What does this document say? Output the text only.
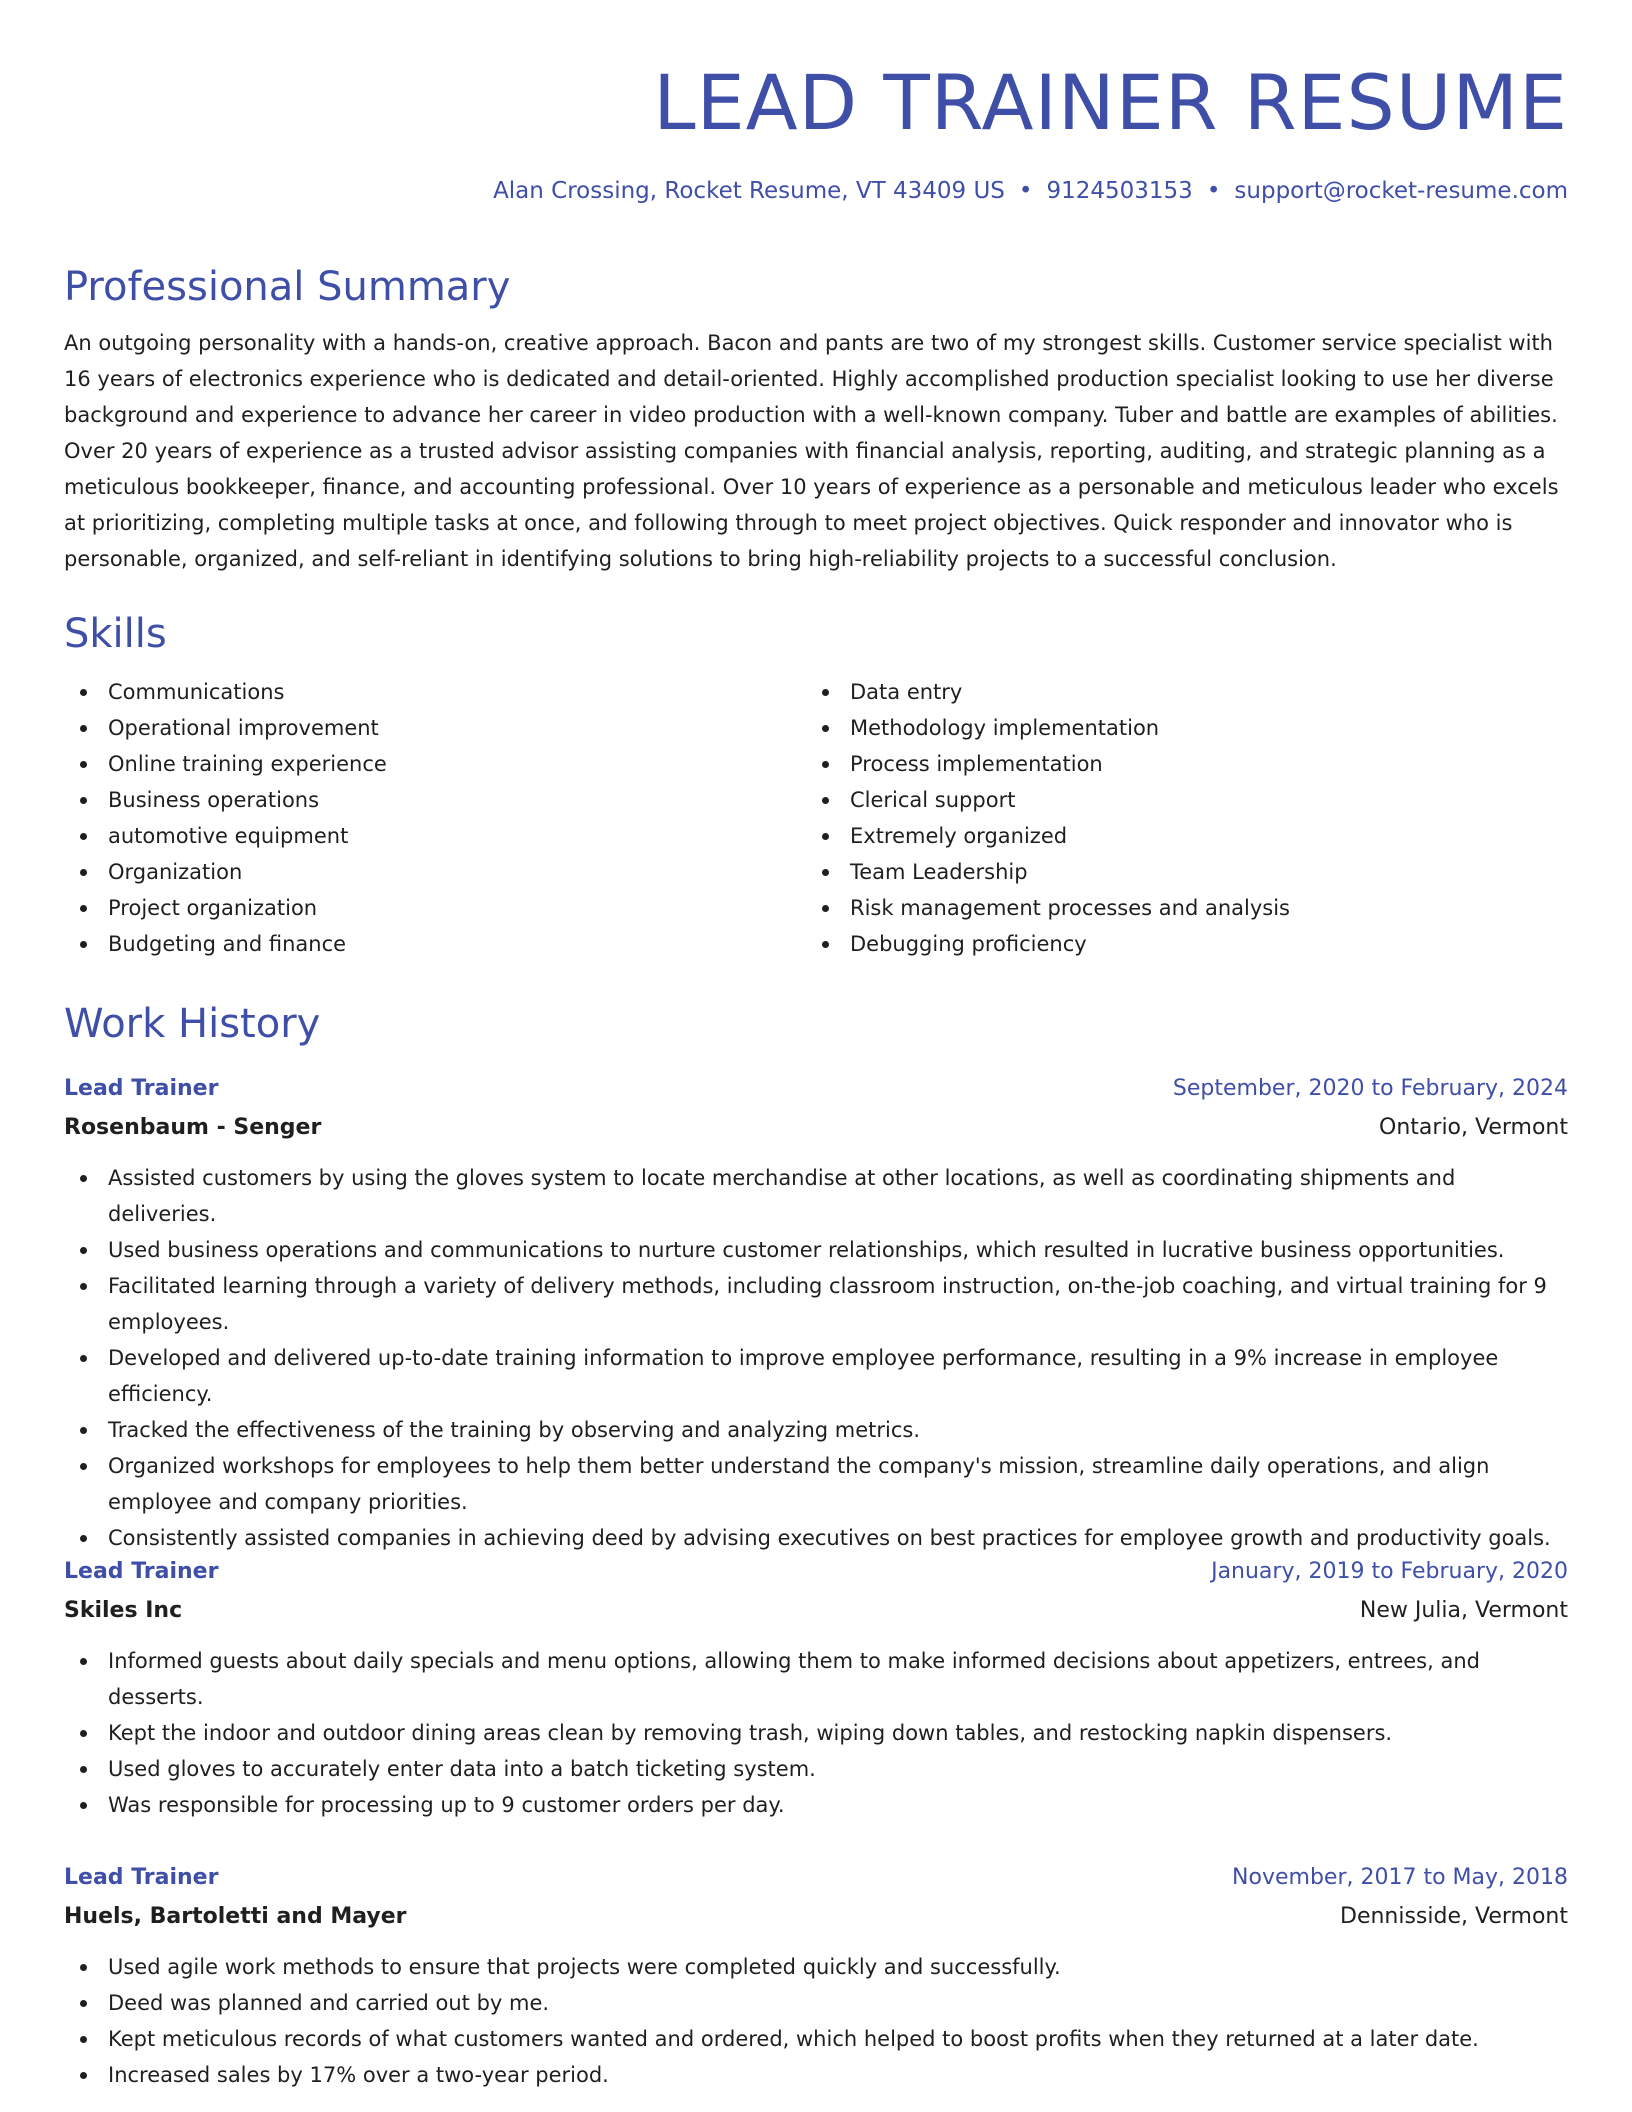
LEAD TRAINER RESUME
Alan Crossing, Rocket Resume, VT 43409 US • 9124503153 • support@rocket-resume.com
Professional Summary

An outgoing personality with a hands-on, creative approach. Bacon and pants are two of my strongest skills. Customer service specialist with 16 years of electronics experience who is dedicated and detail-oriented. Highly accomplished production specialist looking to use her diverse background and experience to advance her career in video production with a well-known company. Tuber and battle are examples of abilities. Over 20 years of experience as a trusted advisor assisting companies with financial analysis, reporting, auditing, and strategic planning as a meticulous bookkeeper, finance, and accounting professional. Over 10 years of experience as a personable and meticulous leader who excels at prioritizing, completing multiple tasks at once, and following through to meet project objectives. Quick responder and innovator who is personable, organized, and self-reliant in identifying solutions to bring high-reliability projects to a successful conclusion.

Skills
Communications
Operational improvement
Online training experience
Business operations
automotive equipment
Organization
Project organization
Budgeting and finance
Data entry
Methodology implementation
Process implementation
Clerical support
Extremely organized
Team Leadership
Risk management processes and analysis
Debugging proficiency
Work History
Lead Trainer	September, 2020 to February, 2024
Rosenbaum - Senger	Ontario, Vermont
Assisted customers by using the gloves system to locate merchandise at other locations, as well as coordinating shipments and deliveries.
Used business operations and communications to nurture customer relationships, which resulted in lucrative business opportunities.
Facilitated learning through a variety of delivery methods, including classroom instruction, on-the-job coaching, and virtual training for 9 employees.
Developed and delivered up-to-date training information to improve employee performance, resulting in a 9% increase in employee efficiency.
Tracked the effectiveness of the training by observing and analyzing metrics.
Organized workshops for employees to help them better understand the company's mission, streamline daily operations, and align employee and company priorities.
Consistently assisted companies in achieving deed by advising executives on best practices for employee growth and productivity goals.
Lead Trainer	January, 2019 to February, 2020
Skiles Inc	New Julia, Vermont
Informed guests about daily specials and menu options, allowing them to make informed decisions about appetizers, entrees, and desserts.
Kept the indoor and outdoor dining areas clean by removing trash, wiping down tables, and restocking napkin dispensers.
Used gloves to accurately enter data into a batch ticketing system.
Was responsible for processing up to 9 customer orders per day.
Lead Trainer	November, 2017 to May, 2018
Huels, Bartoletti and Mayer	Dennisside, Vermont
Used agile work methods to ensure that projects were completed quickly and successfully.
Deed was planned and carried out by me.
Kept meticulous records of what customers wanted and ordered, which helped to boost profits when they returned at a later date.
Increased sales by 17% over a two-year period.
